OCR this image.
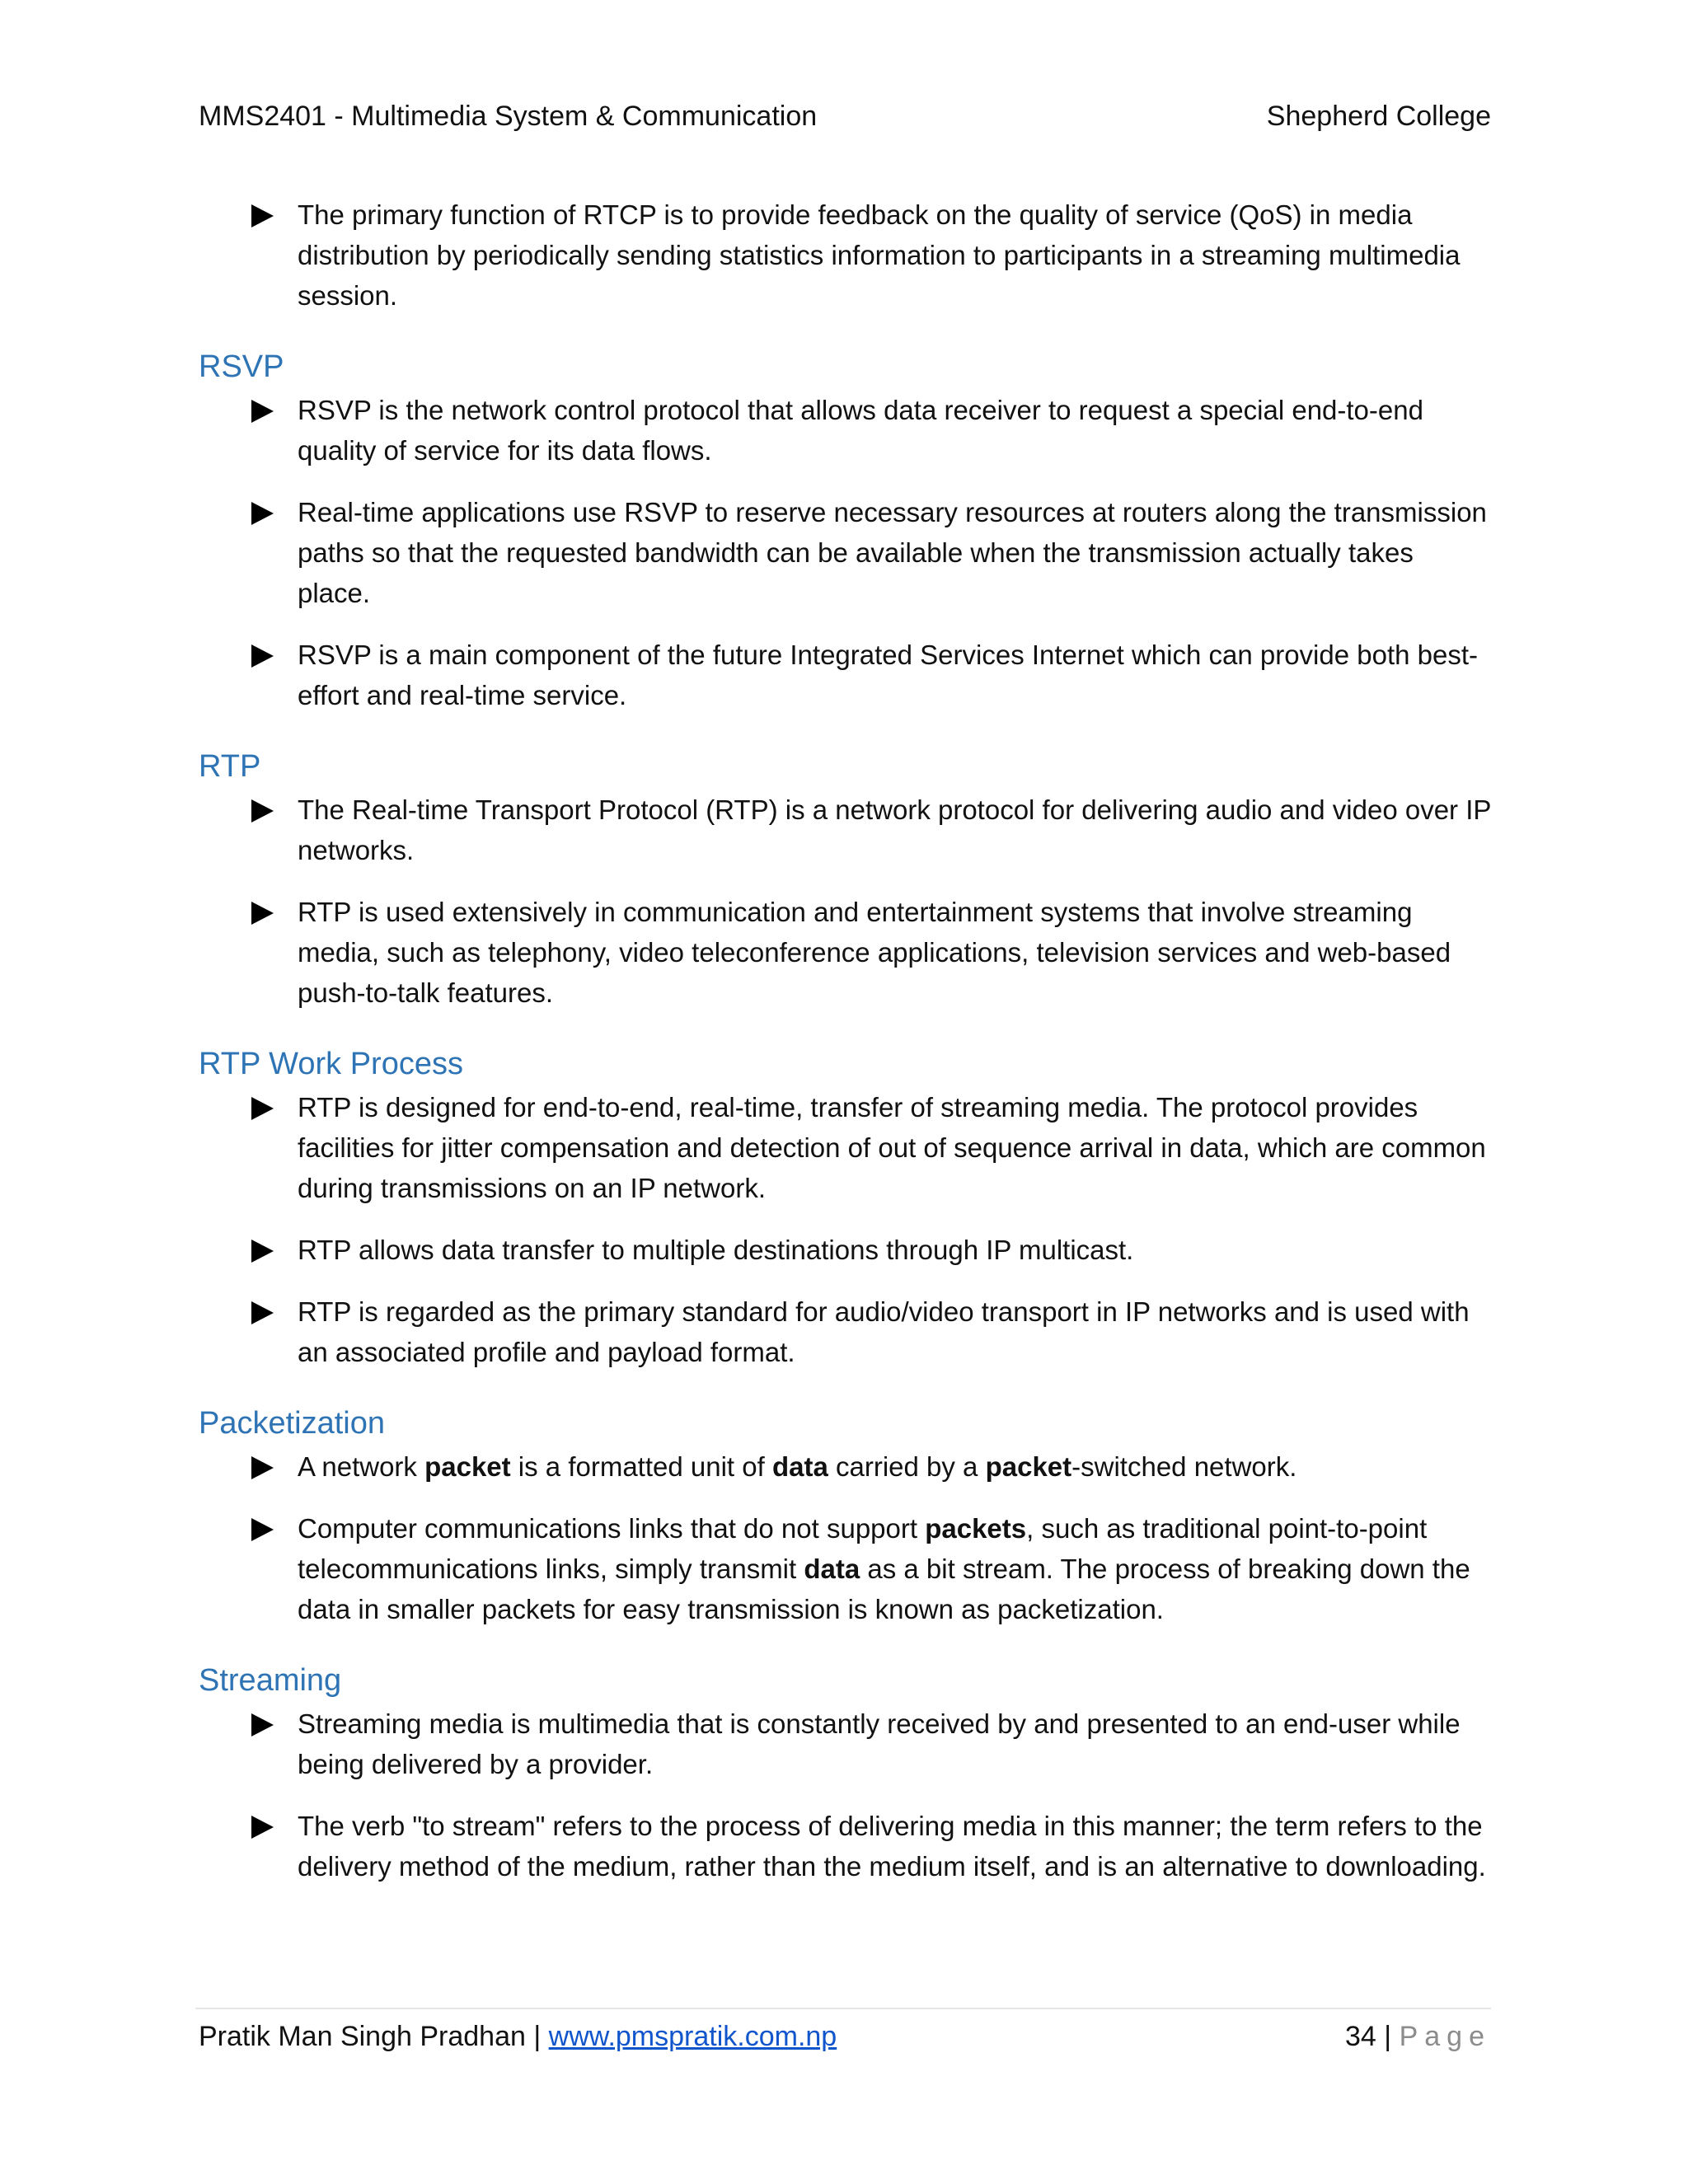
MMS2401 - Multimedia System & Communication	Shepherd College
The primary function of RTCP is to provide feedback on the quality of service (QoS) in media distribution by periodically sending statistics information to participants in a streaming multimedia session.
RSVP
RSVP is the network control protocol that allows data receiver to request a special end-to-end quality of service for its data flows.
Real-time applications use RSVP to reserve necessary resources at routers along the transmission paths so that the requested bandwidth can be available when the transmission actually takes place.
RSVP is a main component of the future Integrated Services Internet which can provide both best-effort and real-time service.
RTP
The Real-time Transport Protocol (RTP) is a network protocol for delivering audio and video over IP networks.
RTP is used extensively in communication and entertainment systems that involve streaming media, such as telephony, video teleconference applications, television services and web-based push-to-talk features.
RTP Work Process
RTP is designed for end-to-end, real-time, transfer of streaming media. The protocol provides facilities for jitter compensation and detection of out of sequence arrival in data, which are common during transmissions on an IP network.
RTP allows data transfer to multiple destinations through IP multicast.
RTP is regarded as the primary standard for audio/video transport in IP networks and is used with an associated profile and payload format.
Packetization
A network packet is a formatted unit of data carried by a packet-switched network.
Computer communications links that do not support packets, such as traditional point-to-point telecommunications links, simply transmit data as a bit stream. The process of breaking down the data in smaller packets for easy transmission is known as packetization.
Streaming
Streaming media is multimedia that is constantly received by and presented to an end-user while being delivered by a provider.
The verb "to stream" refers to the process of delivering media in this manner; the term refers to the delivery method of the medium, rather than the medium itself, and is an alternative to downloading.
Pratik Man Singh Pradhan | www.pmspratik.com.np	34 | Page
